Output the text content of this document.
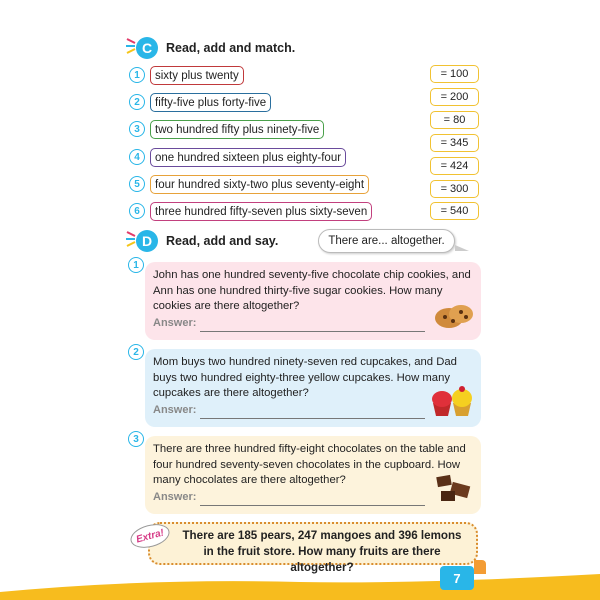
C	Read, add and match.
1	sixty plus twenty
2	fifty-five plus forty-five
3	two hundred fifty plus ninety-five
4	one hundred sixteen plus eighty-four
5	four hundred sixty-two plus seventy-eight
6	three hundred fifty-seven plus sixty-seven
= 100
= 200
= 80
= 345
= 424
= 300
= 540
D	Read, add and say.	There are... altogether.
1
John has one hundred seventy-five chocolate chip cookies, and Ann has one hundred thirty-five sugar cookies. How many cookies are there altogether?
Answer:
2
Mom buys two hundred ninety-seven red cupcakes, and Dad buys two hundred eighty-three yellow cupcakes. How many cupcakes are there altogether?
Answer:
3
There are three hundred fifty-eight chocolates on the table and four hundred seventy-seven chocolates in the cupboard. How many chocolates are there altogether?
Answer:
There are 185 pears, 247 mangoes and 396 lemons in the fruit store. How many fruits are there altogether?
Extra!
7
